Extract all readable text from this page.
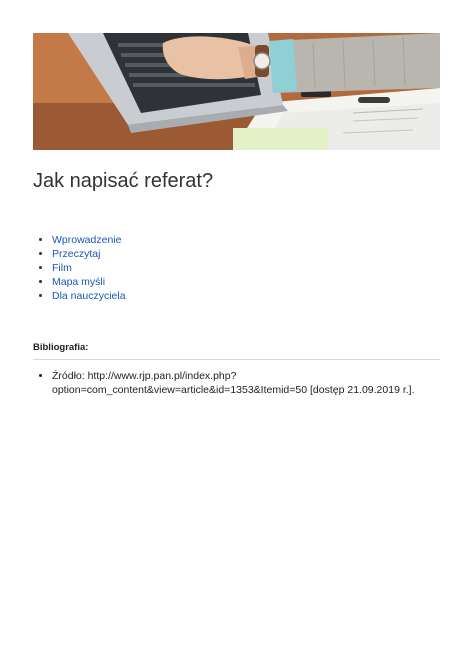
Jak napisać referat?
• Wprowadzenie
• Przeczytaj
• Film
• Mapa myśli
• Dla nauczyciela
Bibliografia:
• Źródło: http://www.rjp.pan.pl/index.php?
option=com_content&view=article&id=1353&Itemid=50 [dostęp 21.09.2019 r.].
